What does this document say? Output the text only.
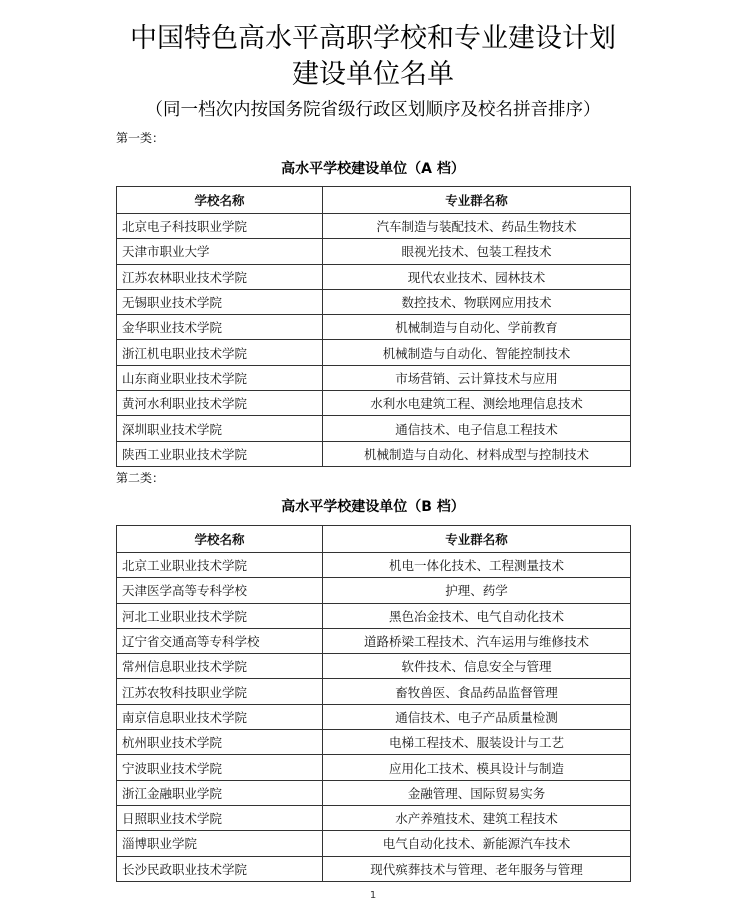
中国特色高水平高职学校和专业建设计划
建设单位名单
（同一档次内按国务院省级行政区划顺序及校名拼音排序）
第一类：
高水平学校建设单位（A 档）
学校名称	专业群名称
北京电子科技职业学院	汽车制造与装配技术、药品生物技术
天津市职业大学	眼视光技术、包装工程技术
江苏农林职业技术学院	现代农业技术、园林技术
无锡职业技术学院	数控技术、物联网应用技术
金华职业技术学院	机械制造与自动化、学前教育
浙江机电职业技术学院	机械制造与自动化、智能控制技术
山东商业职业技术学院	市场营销、云计算技术与应用
黄河水利职业技术学院	水利水电建筑工程、测绘地理信息技术
深圳职业技术学院	通信技术、电子信息工程技术
陕西工业职业技术学院	机械制造与自动化、材料成型与控制技术
第二类：
高水平学校建设单位（B 档）
学校名称	专业群名称
北京工业职业技术学院	机电一体化技术、工程测量技术
天津医学高等专科学校	护理、药学
河北工业职业技术学院	黑色冶金技术、电气自动化技术
辽宁省交通高等专科学校	道路桥梁工程技术、汽车运用与维修技术
常州信息职业技术学院	软件技术、信息安全与管理
江苏农牧科技职业学院	畜牧兽医、食品药品监督管理
南京信息职业技术学院	通信技术、电子产品质量检测
杭州职业技术学院	电梯工程技术、服装设计与工艺
宁波职业技术学院	应用化工技术、模具设计与制造
浙江金融职业学院	金融管理、国际贸易实务
日照职业技术学院	水产养殖技术、建筑工程技术
淄博职业学院	电气自动化技术、新能源汽车技术
长沙民政职业技术学院	现代殡葬技术与管理、老年服务与管理
1
